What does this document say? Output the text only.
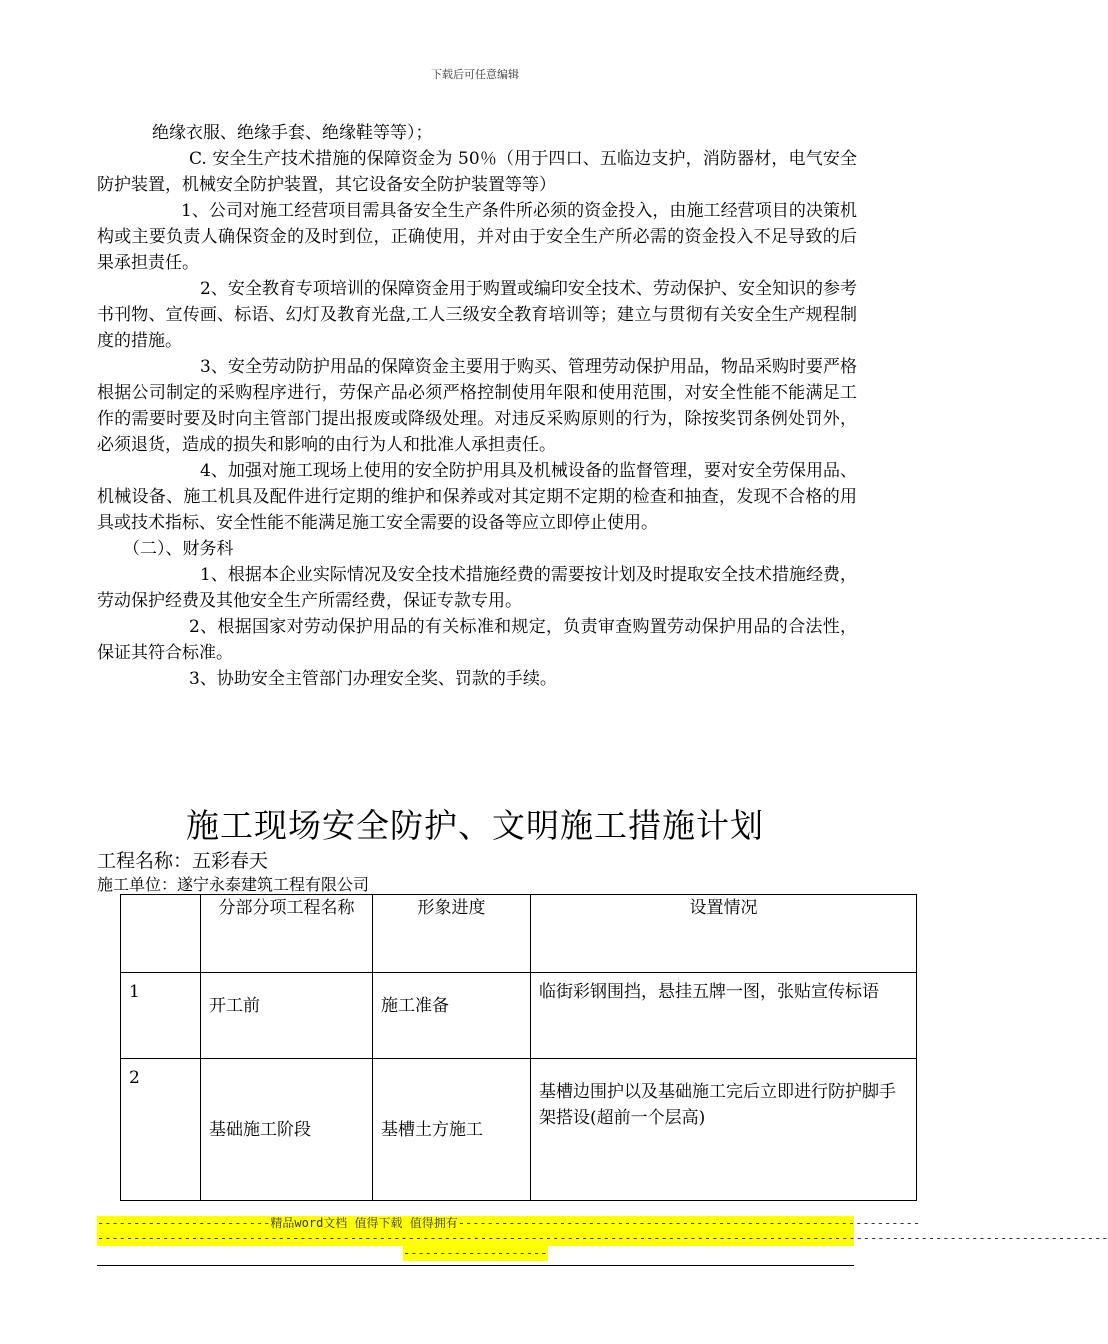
下载后可任意编辑

绝缘衣服、绝缘手套、绝缘鞋等等）；

C. 安全生产技术措施的保障资金为 50％（用于四口、五临边支护，消防器材，电气安全防护装置，机械安全防护装置，其它设备安全防护装置等等）

1、公司对施工经营项目需具备安全生产条件所必须的资金投入，由施工经营项目的决策机构或主要负责人确保资金的及时到位，正确使用，并对由于安全生产所必需的资金投入不足导致的后果承担责任。

2、安全教育专项培训的保障资金用于购置或编印安全技术、劳动保护、安全知识的参考书刊物、宣传画、标语、幻灯及教育光盘,工人三级安全教育培训等；建立与贯彻有关安全生产规程制度的措施。

3、安全劳动防护用品的保障资金主要用于购买、管理劳动保护用品，物品采购时要严格根据公司制定的采购程序进行，劳保产品必须严格控制使用年限和使用范围，对安全性能不能满足工作的需要时要及时向主管部门提出报废或降级处理。对违反采购原则的行为，除按奖罚条例处罚外，必须退货，造成的损失和影响的由行为人和批准人承担责任。

4、加强对施工现场上使用的安全防护用具及机械设备的监督管理，要对安全劳保用品、机械设备、施工机具及配件进行定期的维护和保养或对其定期不定期的检查和抽查，发现不合格的用具或技术指标、安全性能不能满足施工安全需要的设备等应立即停止使用。

（二）、财务科

1、根据本企业实际情况及安全技术措施经费的需要按计划及时提取安全技术措施经费，劳动保护经费及其他安全生产所需经费，保证专款专用。

2、根据国家对劳动保护用品的有关标准和规定，负责审查购置劳动保护用品的合法性，保证其符合标准。

3、协助安全主管部门办理安全奖、罚款的手续。

施工现场安全防护、文明施工措施计划
工程名称：五彩春天
施工单位：遂宁永泰建筑工程有限公司
	分部分项工程名称	形象进度	设置情况
1	开工前	施工准备	临街彩钢围挡，悬挂五牌一图，张贴宣传标语
2	基础施工阶段	基槽土方施工	基槽边围护以及基础施工完后立即进行防护脚手架搭设(超前一个层高)
------------------------精品word文档 值得下载 值得拥有----------------------------------------------------------------
--------------------------------------------------------------------------------------------------------------------------------------------
--------------------
